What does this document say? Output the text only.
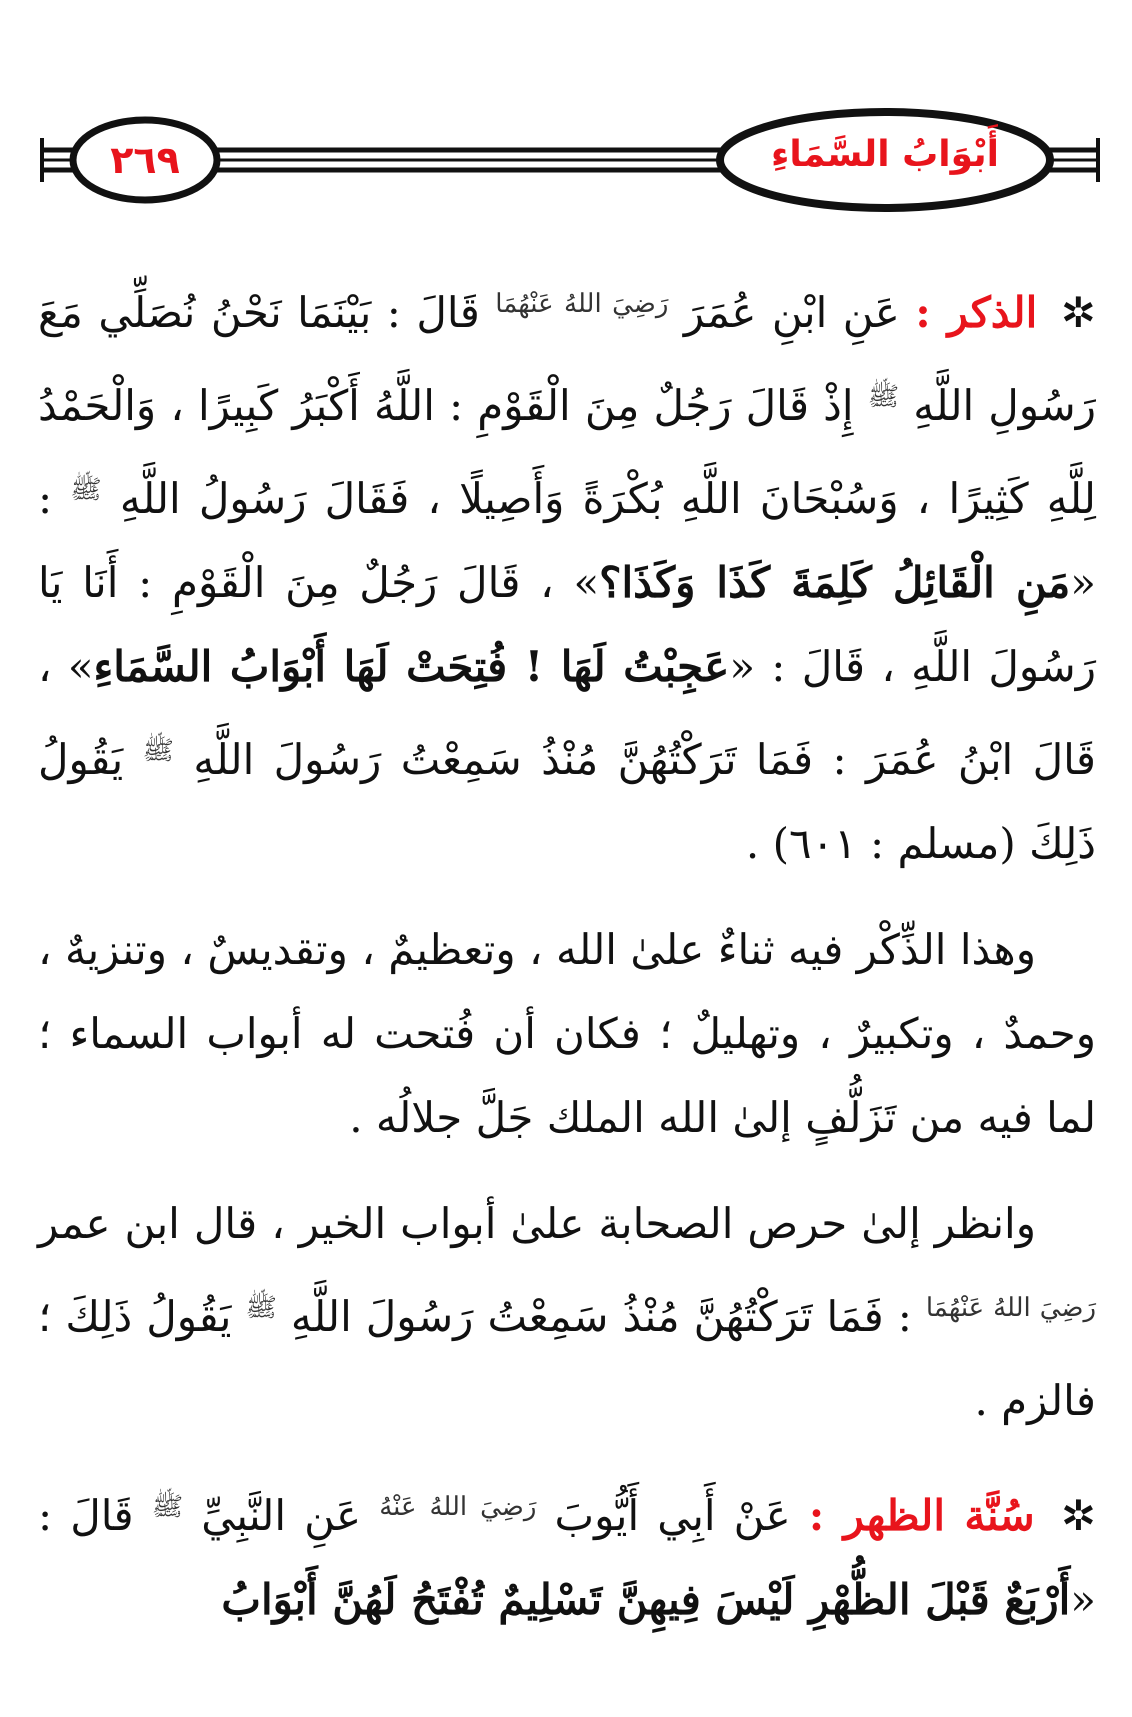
٢٦٩	أَبْوَابُ السَّمَاءِ

✲ الذكر : عَنِ ابْنِ عُمَرَ $^{رَضِيَ اللهُ عَنْهُمَا}$ قَالَ : بَيْنَمَا نَحْنُ نُصَلِّي مَعَ رَسُولِ اللَّهِ $^ﷺ$ إِذْ قَالَ رَجُلٌ مِنَ الْقَوْمِ : اللَّهُ أَكْبَرُ كَبِيرًا ، وَالْحَمْدُ لِلَّهِ كَثِيرًا ، وَسُبْحَانَ اللَّهِ بُكْرَةً وَأَصِيلًا ، فَقَالَ رَسُولُ اللَّهِ $^ﷺ$ : «مَنِ الْقَائِلُ كَلِمَةَ كَذَا وَكَذَا؟» ، قَالَ رَجُلٌ مِنَ الْقَوْمِ : أَنَا يَا رَسُولَ اللَّهِ ، قَالَ : «عَجِبْتُ لَهَا ! فُتِحَتْ لَهَا أَبْوَابُ السَّمَاءِ» ، قَالَ ابْنُ عُمَرَ : فَمَا تَرَكْتُهُنَّ مُنْذُ سَمِعْتُ رَسُولَ اللَّهِ $^ﷺ$ يَقُولُ ذَلِكَ (مسلم : ٦٠١) .

وهذا الذِّكْر فيه ثناءٌ علىٰ الله ، وتعظيمٌ ، وتقديسٌ ، وتنزيهٌ ، وحمدٌ ، وتكبيرٌ ، وتهليلٌ ؛ فكان أن فُتحت له أبواب السماء ؛ لما فيه من تَزَلُّفٍ إلىٰ الله الملك جَلَّ جلالُه .

وانظر إلىٰ حرص الصحابة علىٰ أبواب الخير ، قال ابن عمر $^{رَضِيَ اللهُ عَنْهُمَا}$ : فَمَا تَرَكْتُهُنَّ مُنْذُ سَمِعْتُ رَسُولَ اللَّهِ $^ﷺ$ يَقُولُ ذَلِكَ ؛ فالزم .

✲ سُنَّة الظهر : عَنْ أَبِي أَيُّوبَ $^{رَضِيَ اللهُ عَنْهُ}$ عَنِ النَّبِيِّ $^ﷺ$ قَالَ : «أَرْبَعٌ قَبْلَ الظُّهْرِ لَيْسَ فِيهِنَّ تَسْلِيمٌ تُفْتَحُ لَهُنَّ أَبْوَابُ
